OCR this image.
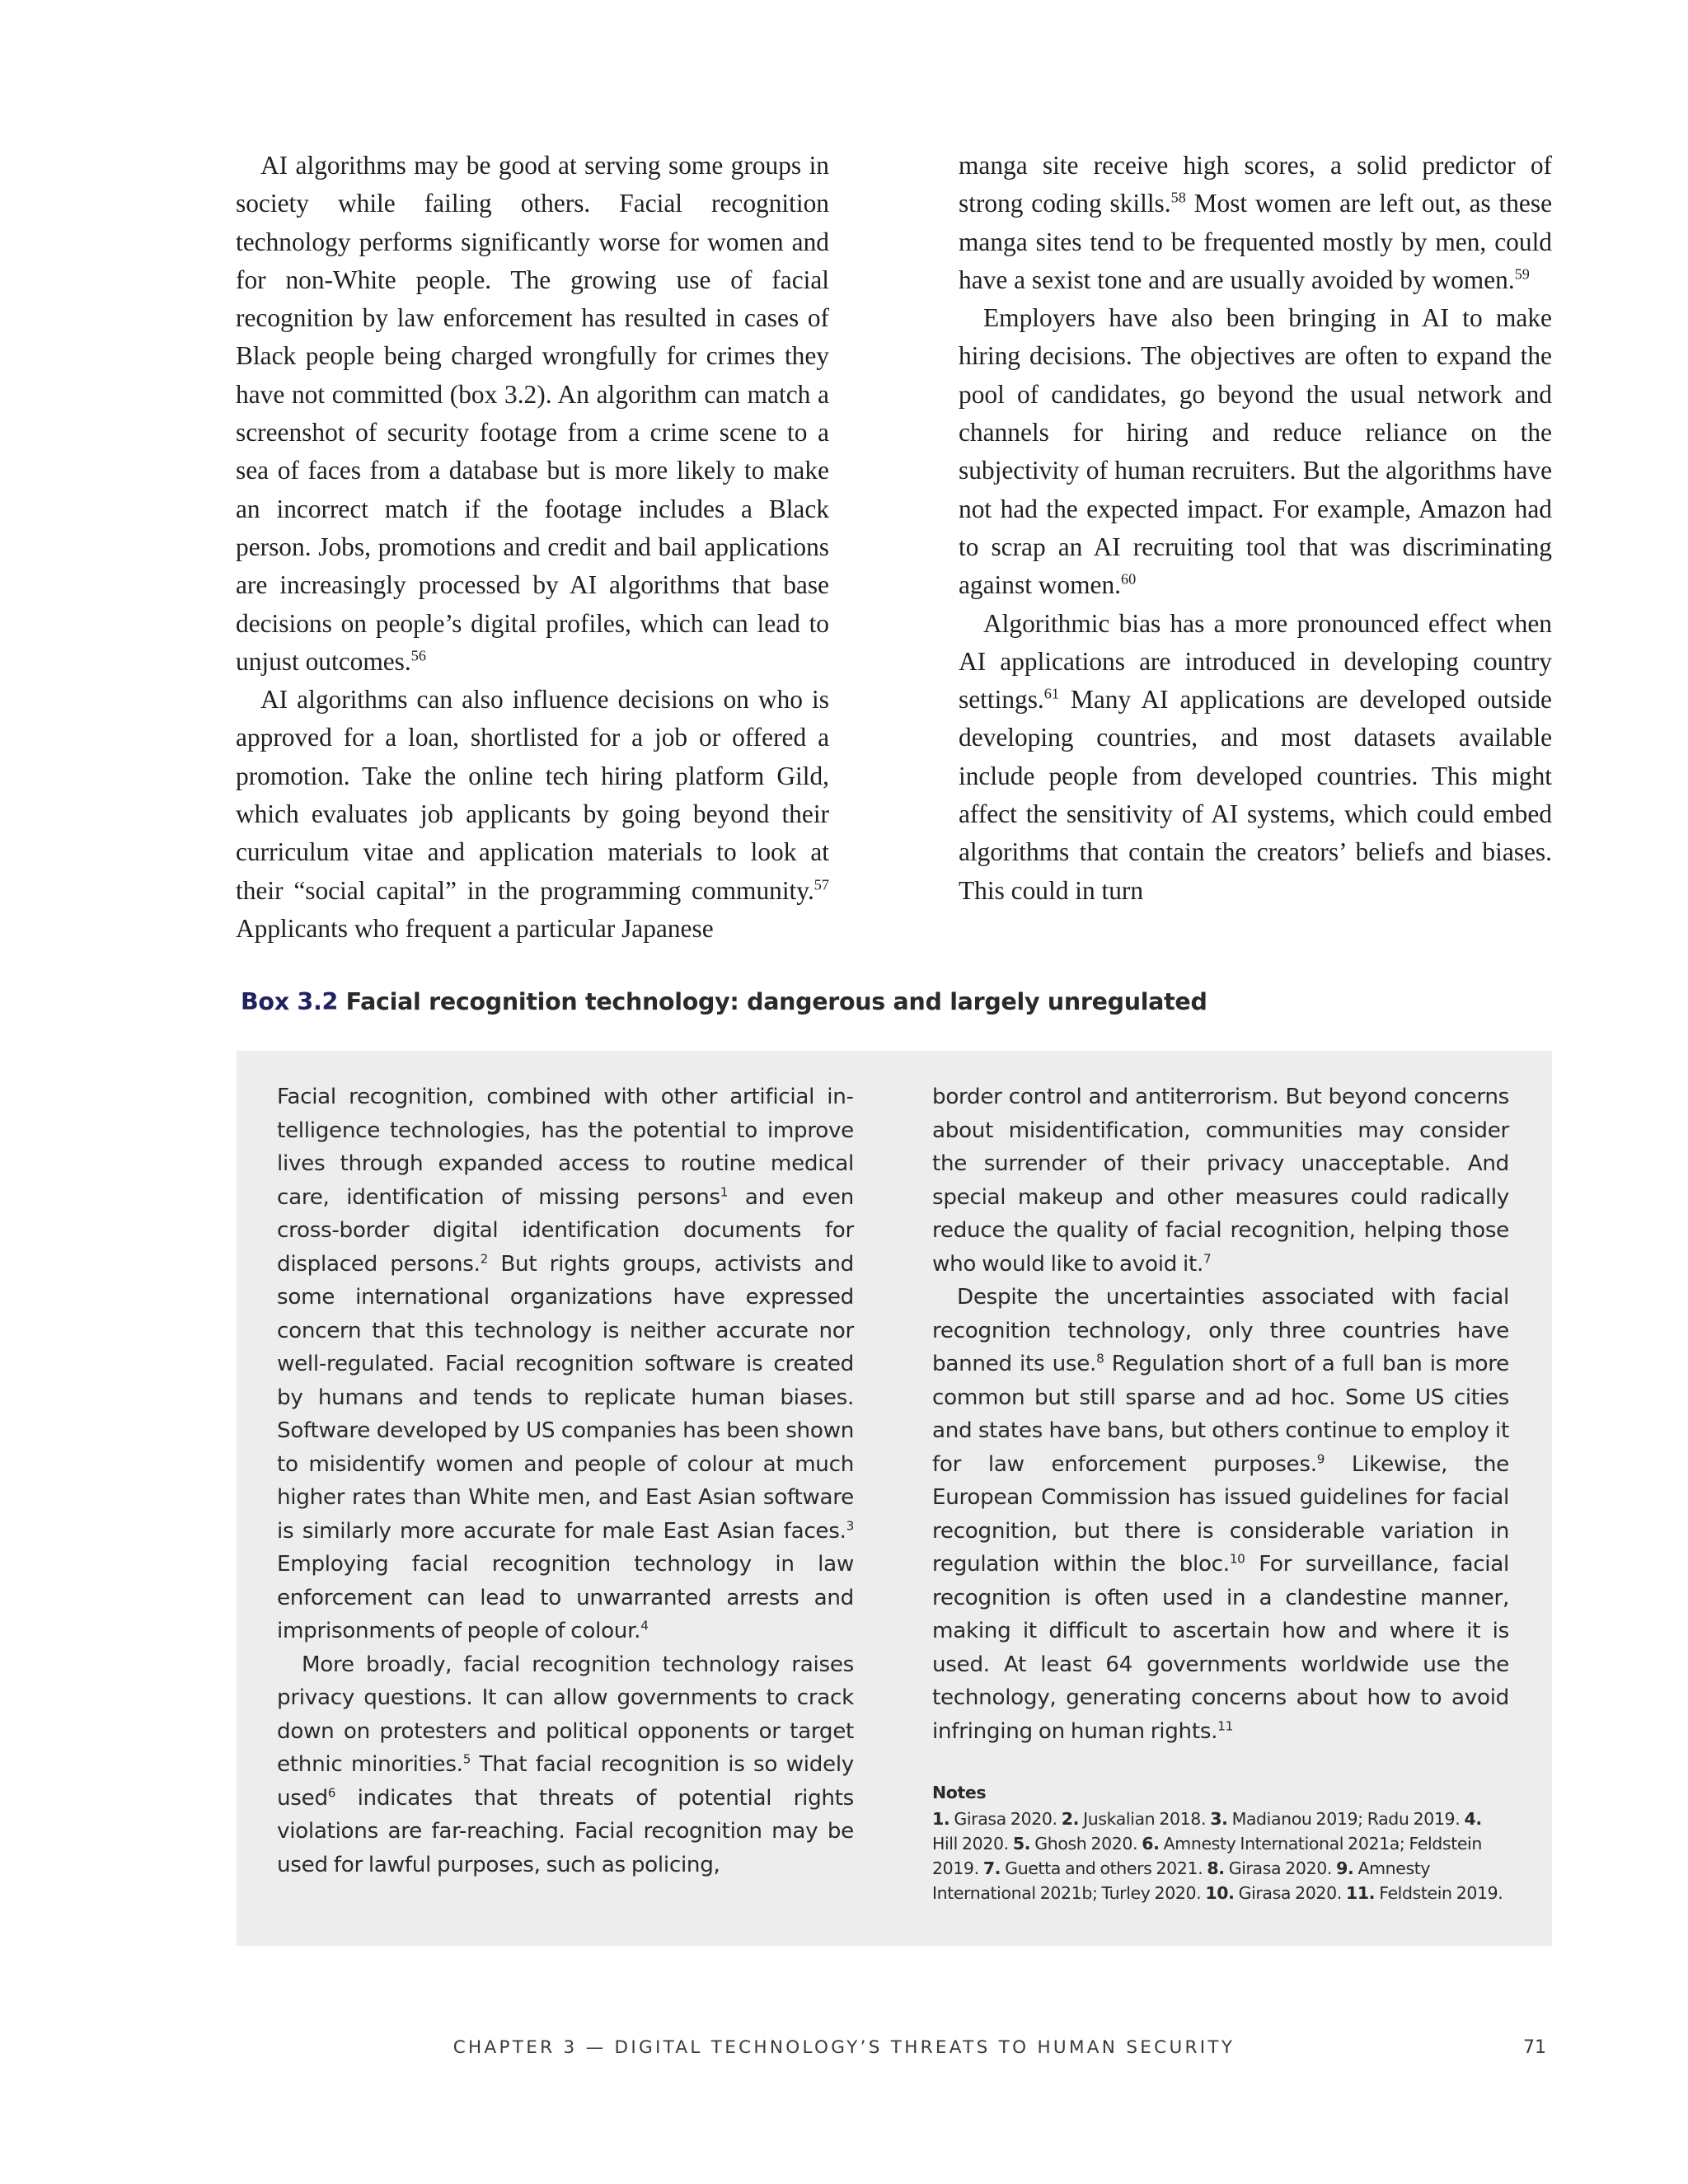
AI algorithms may be good at serving some groups in society while failing others. Facial recognition technology performs significantly worse for women and for non-White people. The growing use of facial recognition by law enforcement has resulted in cases of Black people being charged wrongfully for crimes they have not committed (box 3.2). An algorithm can match a screenshot of security footage from a crime scene to a sea of faces from a database but is more likely to make an incorrect match if the footage includes a Black person. Jobs, promotions and credit and bail applications are increasingly processed by AI algorithms that base decisions on people’s digital profiles, which can lead to unjust outcomes.$^{56}$

AI algorithms can also influence decisions on who is approved for a loan, shortlisted for a job or offered a promotion. Take the online tech hiring platform Gild, which evaluates job applicants by going beyond their curriculum vitae and application materials to look at their “social capital” in the programming community.$^{57}$ Applicants who frequent a particular Japanese

manga site receive high scores, a solid predictor of strong coding skills.$^{58}$ Most women are left out, as these manga sites tend to be frequented mostly by men, could have a sexist tone and are usually avoided by women.$^{59}$

Employers have also been bringing in AI to make hiring decisions. The objectives are often to expand the pool of candidates, go beyond the usual network and channels for hiring and reduce reliance on the subjectivity of human recruiters. But the algorithms have not had the expected impact. For example, Amazon had to scrap an AI recruiting tool that was discriminating against women.$^{60}$

Algorithmic bias has a more pronounced effect when AI applications are introduced in developing country settings.$^{61}$ Many AI applications are developed outside developing countries, and most datasets available include people from developed countries. This might affect the sensitivity of AI systems, which could embed algorithms that contain the creators’ beliefs and biases. This could in turn

Box 3.2 Facial recognition technology: dangerous and largely unregulated

Facial recognition, combined with other artificial intelligence technologies, has the potential to improve lives through expanded access to routine medical care, identification of missing persons$^1$ and even cross-border digital identification documents for displaced persons.$^2$ But rights groups, activists and some international organizations have expressed concern that this technology is neither accurate nor well-regulated. Facial recognition software is created by humans and tends to replicate human biases. Software developed by US companies has been shown to misidentify women and people of colour at much higher rates than White men, and East Asian software is similarly more accurate for male East Asian faces.$^3$ Employing facial recognition technology in law enforcement can lead to unwarranted arrests and imprisonments of people of colour.$^4$

More broadly, facial recognition technology raises privacy questions. It can allow governments to crack down on protesters and political opponents or target ethnic minorities.$^5$ That facial recognition is so widely used$^6$ indicates that threats of potential rights violations are far-reaching. Facial recognition may be used for lawful purposes, such as policing,

border control and antiterrorism. But beyond concerns about misidentification, communities may consider the surrender of their privacy unacceptable. And special makeup and other measures could radically reduce the quality of facial recognition, helping those who would like to avoid it.$^7$

Despite the uncertainties associated with facial recognition technology, only three countries have banned its use.$^8$ Regulation short of a full ban is more common but still sparse and ad hoc. Some US cities and states have bans, but others continue to employ it for law enforcement purposes.$^9$ Likewise, the European Commission has issued guidelines for facial recognition, but there is considerable variation in regulation within the bloc.$^{10}$ For surveillance, facial recognition is often used in a clandestine manner, making it difficult to ascertain how and where it is used. At least 64 governments worldwide use the technology, generating concerns about how to avoid infringing on human rights.$^{11}$

Notes

1. Girasa 2020. 2. Juskalian 2018. 3. Madianou 2019; Radu 2019. 4. Hill 2020. 5. Ghosh 2020. 6. Amnesty International 2021a; Feldstein 2019. 7. Guetta and others 2021. 8. Girasa 2020. 9. Amnesty International 2021b; Turley 2020. 10. Girasa 2020. 11. Feldstein 2019.

CHAPTER 3 — DIGITAL TECHNOLOGY’S THREATS TO HUMAN SECURITY	71
